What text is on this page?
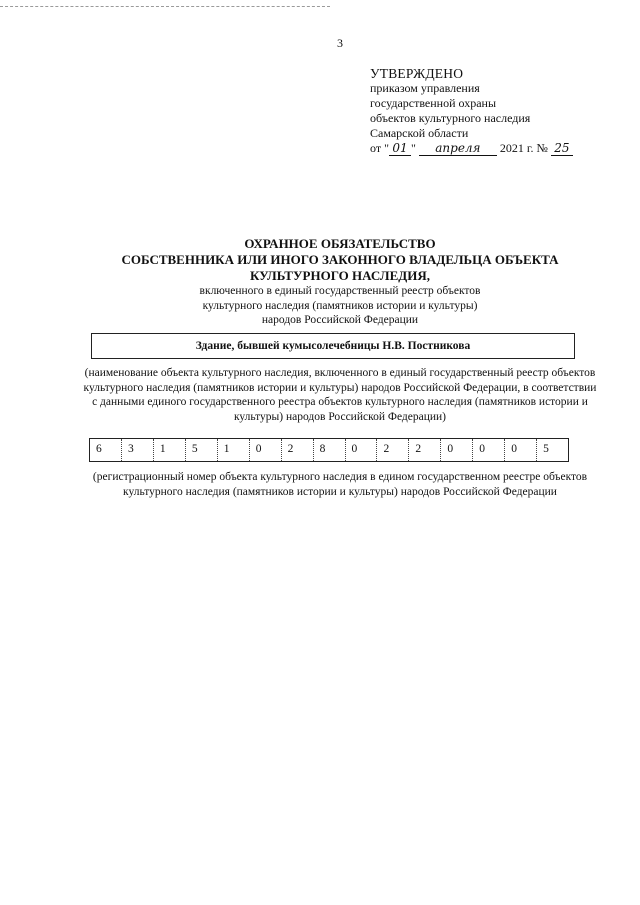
3
УТВЕРЖДЕНО
приказом управления
государственной охраны
объектов культурного наследия
Самарской области
от " 01 " апреля 2021 г. № 25
ОХРАННОЕ ОБЯЗАТЕЛЬСТВО
СОБСТВЕННИКА ИЛИ ИНОГО ЗАКОННОГО ВЛАДЕЛЬЦА ОБЪЕКТА
КУЛЬТУРНОГО НАСЛЕДИЯ,
включенного в единый государственный реестр объектов
культурного наследия (памятников истории и культуры)
народов Российской Федерации
Здание, бывшей кумысолечебницы Н.В. Постникова
(наименование объекта культурного наследия, включенного в единый государственный реестр объектов культурного наследия (памятников истории и культуры) народов Российской Федерации, в соответствии с данными единого государственного реестра объектов культурного наследия (памятников истории и культуры) народов Российской Федерации)
6	3	1	5	1	0	2	8	0	2	2	0	0	0	5
(регистрационный номер объекта культурного наследия в едином государственном реестре объектов культурного наследия (памятников истории и культуры) народов Российской Федерации
